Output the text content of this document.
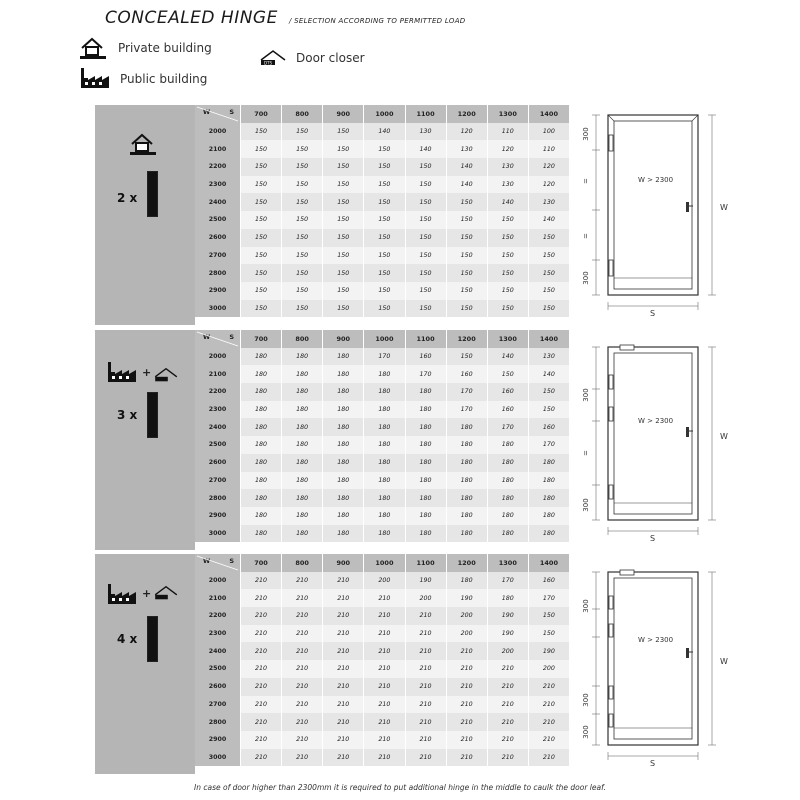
CONCEALED HINGE / SELECTION ACCORDING TO PERMITTED LOAD
Private building
Public building
DTS Door closer
2 x
W S	700	800	900	1000	1100	1200	1300	1400
2000	150	150	150	140	130	120	110	100
2100	150	150	150	150	140	130	120	110
2200	150	150	150	150	150	140	130	120
2300	150	150	150	150	150	140	130	120
2400	150	150	150	150	150	150	140	130
2500	150	150	150	150	150	150	150	140
2600	150	150	150	150	150	150	150	150
2700	150	150	150	150	150	150	150	150
2800	150	150	150	150	150	150	150	150
2900	150	150	150	150	150	150	150	150
3000	150	150	150	150	150	150	150	150
+
3 x
W S	700	800	900	1000	1100	1200	1300	1400
2000	180	180	180	170	160	150	140	130
2100	180	180	180	180	170	160	150	140
2200	180	180	180	180	180	170	160	150
2300	180	180	180	180	180	170	160	150
2400	180	180	180	180	180	180	170	160
2500	180	180	180	180	180	180	180	170
2600	180	180	180	180	180	180	180	180
2700	180	180	180	180	180	180	180	180
2800	180	180	180	180	180	180	180	180
2900	180	180	180	180	180	180	180	180
3000	180	180	180	180	180	180	180	180
+
4 x
W S	700	800	900	1000	1100	1200	1300	1400
2000	210	210	210	200	190	180	170	160
2100	210	210	210	210	200	190	180	170
2200	210	210	210	210	210	200	190	150
2300	210	210	210	210	210	200	190	150
2400	210	210	210	210	210	210	200	190
2500	210	210	210	210	210	210	210	200
2600	210	210	210	210	210	210	210	210
2700	210	210	210	210	210	210	210	210
2800	210	210	210	210	210	210	210	210
2900	210	210	210	210	210	210	210	210
3000	210	210	210	210	210	210	210	210
W > 2300
300
=
=
300
W
S
W > 2300
300
=
300
W
S
W > 2300
300
300
300
W
S
In case of door higher than 2300mm it is required to put additional hinge in the middle to caulk the door leaf.
